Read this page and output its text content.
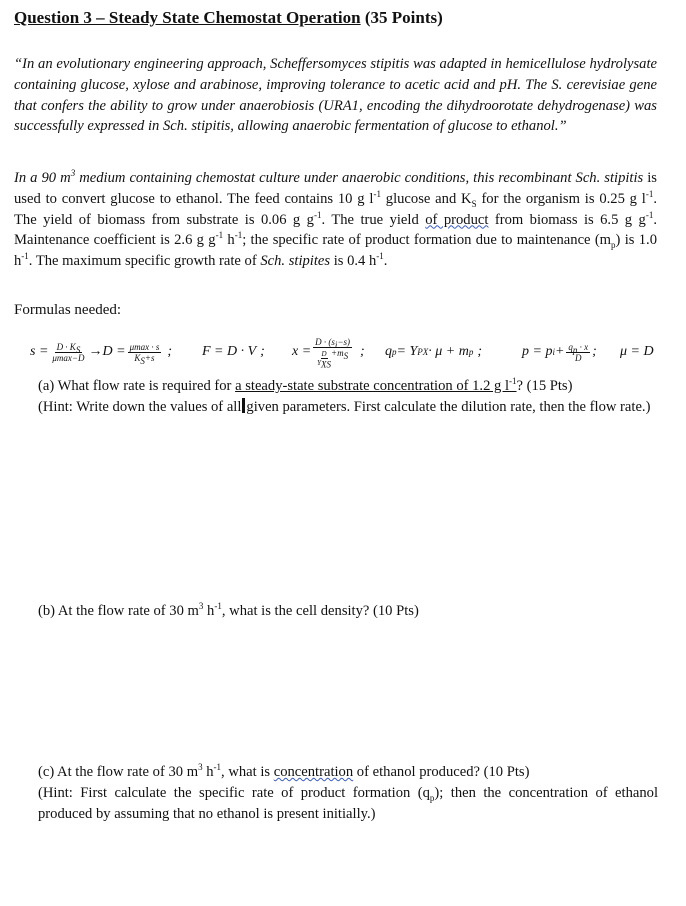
Question 3 – Steady State Chemostat Operation (35 Points)

“In an evolutionary engineering approach, Scheffersomyces stipitis was adapted in hemicellulose hydrolysate containing glucose, xylose and arabinose, improving tolerance to acetic acid and pH. The S. cerevisiae gene that confers the ability to grow under anaerobiosis (URA1, encoding the dihydroorotate dehydrogenase) was successfully expressed in Sch. stipitis, allowing anaerobic fermentation of glucose to ethanol.”

In a 90 $m^3$ medium containing chemostat culture under anaerobic conditions, this recombinant Sch. stipitis is used to convert glucose to ethanol. The feed contains 10 g $l^{-1}$ glucose and $K_S$ for the organism is 0.25 g $l^{-1}$. The yield of biomass from substrate is 0.06 g $g^{-1}$. The true yield of product from biomass is 6.5 g $g^{-1}$. Maintenance coefficient is 2.6 g $g^{-1}$ $h^{-1}$; the specific rate of product formation due to maintenance $(m_p)$ is 1.0 $h^{-1}$. The maximum specific growth rate of Sch. stipites is 0.4 $h^{-1}$.

Formulas needed:

$s = \frac{D \cdot K_S}{\mu\max-D} \to D = \frac{\mu\max \cdot s}{K_S+s}$ ; F = D · V ; $x = D \cdot (s_i-s)$
D
$Y_{XS}$
$+m_S$ ; q p = Y PX · μ + m p ;	p = p $i + \frac{q_p \cdot x}{D}$ ; μ = D

(a) What flow rate is required for a steady-state substrate concentration of 1.2 g $l^{-1}$? (15 Pts)
(Hint: Write down the values of all given parameters. First calculate the dilution rate, then the flow rate.)

(b) At the flow rate of 30 $m^3$ $h^{-1}$, what is the cell density? (10 Pts)

(c) At the flow rate of 30 $m^3$ $h^{-1}$, what is concentration of ethanol produced? (10 Pts)
(Hint: First calculate the specific rate of product formation $(q_p)$; then the concentration of ethanol produced by assuming that no ethanol is present initially.)
